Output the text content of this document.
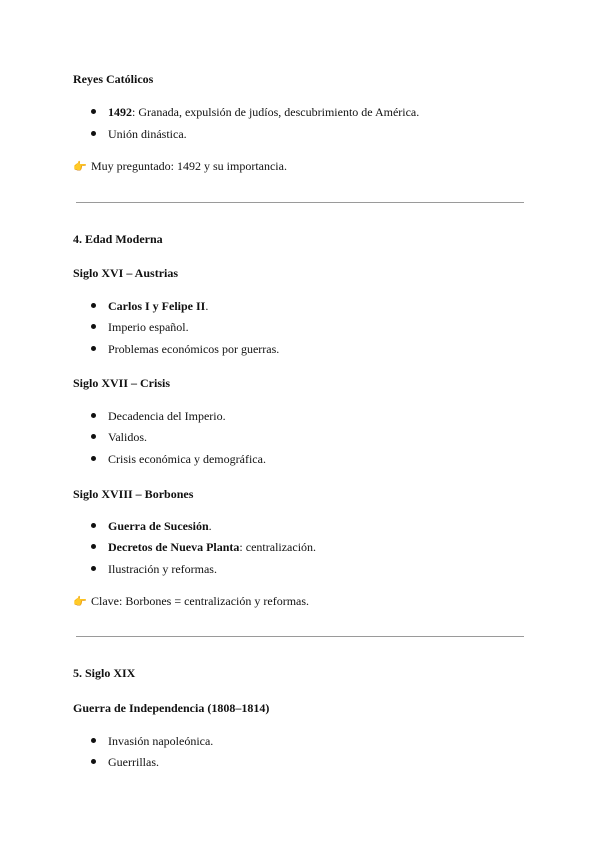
Reyes Católicos
1492: Granada, expulsión de judíos, descubrimiento de América.
Unión dinástica.
👉 Muy preguntado: 1492 y su importancia.
4. Edad Moderna
Siglo XVI – Austrias
Carlos I y Felipe II.
Imperio español.
Problemas económicos por guerras.
Siglo XVII – Crisis
Decadencia del Imperio.
Validos.
Crisis económica y demográfica.
Siglo XVIII – Borbones
Guerra de Sucesión.
Decretos de Nueva Planta: centralización.
Ilustración y reformas.
👉 Clave: Borbones = centralización y reformas.
5. Siglo XIX
Guerra de Independencia (1808–1814)
Invasión napoleónica.
Guerrillas.
